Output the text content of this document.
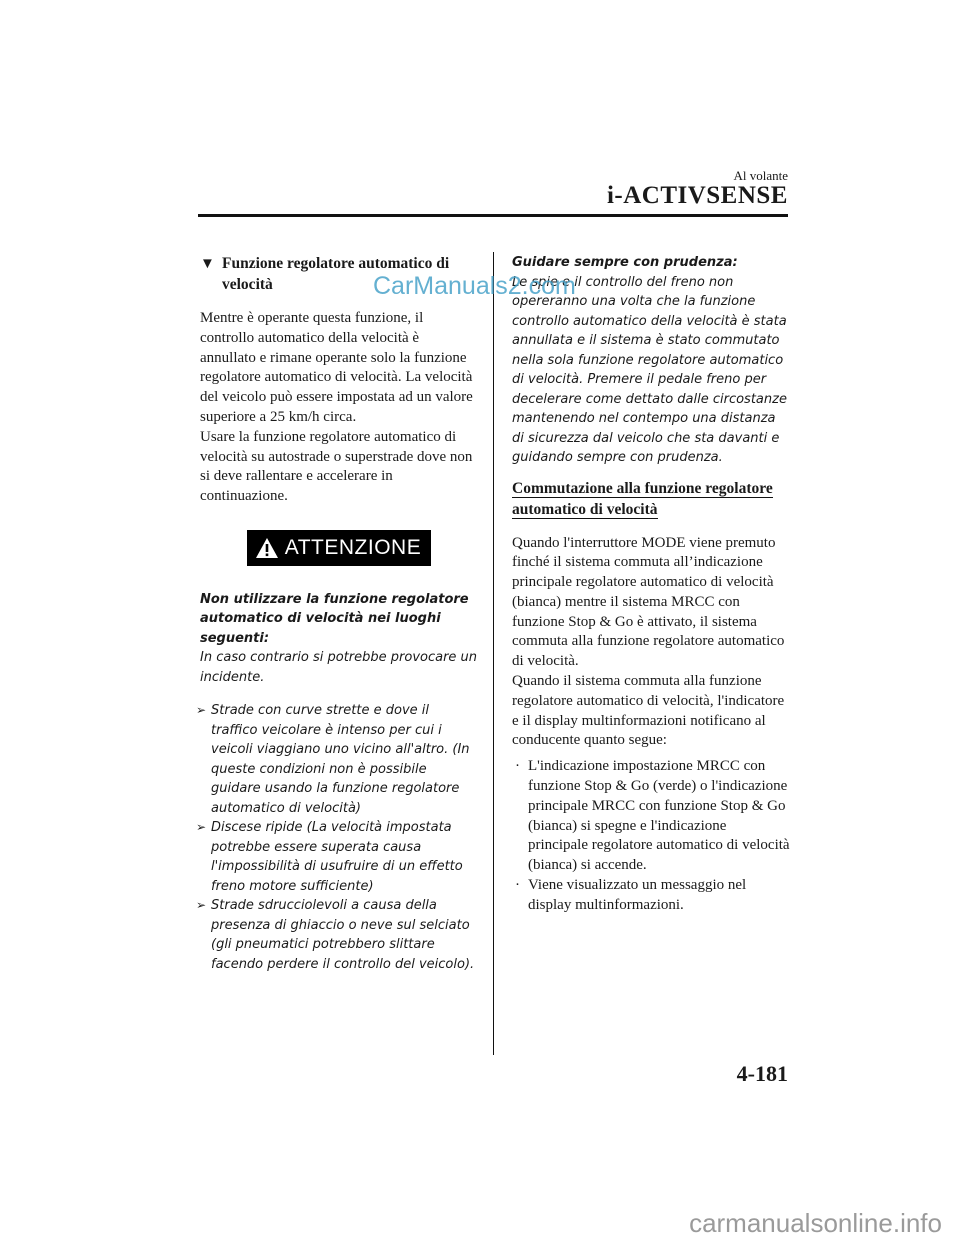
Al volante
i-ACTIVSENSE
▼ Funzione regolatore automatico di velocità

Mentre è operante questa funzione, il controllo automatico della velocità è annullato e rimane operante solo la funzione regolatore automatico di velocità. La velocità del veicolo può essere impostata ad un valore superiore a 25 km/h circa.

Usare la funzione regolatore automatico di velocità su autostrade o superstrade dove non si deve rallentare e accelerare in continuazione.

ATTENZIONE

Non utilizzare la funzione regolatore automatico di velocità nei luoghi seguenti:

In caso contrario si potrebbe provocare un incidente.

➢ Strade con curve strette e dove il traffico veicolare è intenso per cui i veicoli viaggiano uno vicino all'altro. (In queste condizioni non è possibile guidare usando la funzione regolatore automatico di velocità)
➢ Discese ripide (La velocità impostata potrebbe essere superata causa l'impossibilità di usufruire di un effetto freno motore sufficiente)
➢ Strade sdrucciolevoli a causa della presenza di ghiaccio o neve sul selciato (gli pneumatici potrebbero slittare facendo perdere il controllo del veicolo).

Guidare sempre con prudenza:

Le spie e il controllo del freno non opereranno una volta che la funzione controllo automatico della velocità è stata annullata e il sistema è stato commutato nella sola funzione regolatore automatico di velocità. Premere il pedale freno per decelerare come dettato dalle circostanze mantenendo nel contempo una distanza di sicurezza dal veicolo che sta davanti e guidando sempre con prudenza.

Commutazione alla funzione regolatore automatico di velocità

Quando l'interruttore MODE viene premuto finché il sistema commuta all’indicazione principale regolatore automatico di velocità (bianca) mentre il sistema MRCC con funzione Stop & Go è attivato, il sistema commuta alla funzione regolatore automatico di velocità.

Quando il sistema commuta alla funzione regolatore automatico di velocità, l'indicatore e il display multinformazioni notificano al conducente quanto segue:

· L'indicazione impostazione MRCC con funzione Stop & Go (verde) o l'indicazione principale MRCC con funzione Stop & Go (bianca) si spegne e l'indicazione principale regolatore automatico di velocità (bianca) si accende.
· Viene visualizzato un messaggio nel display multinformazioni.
CarManuals2.com
4-181
carmanualsonline.info
